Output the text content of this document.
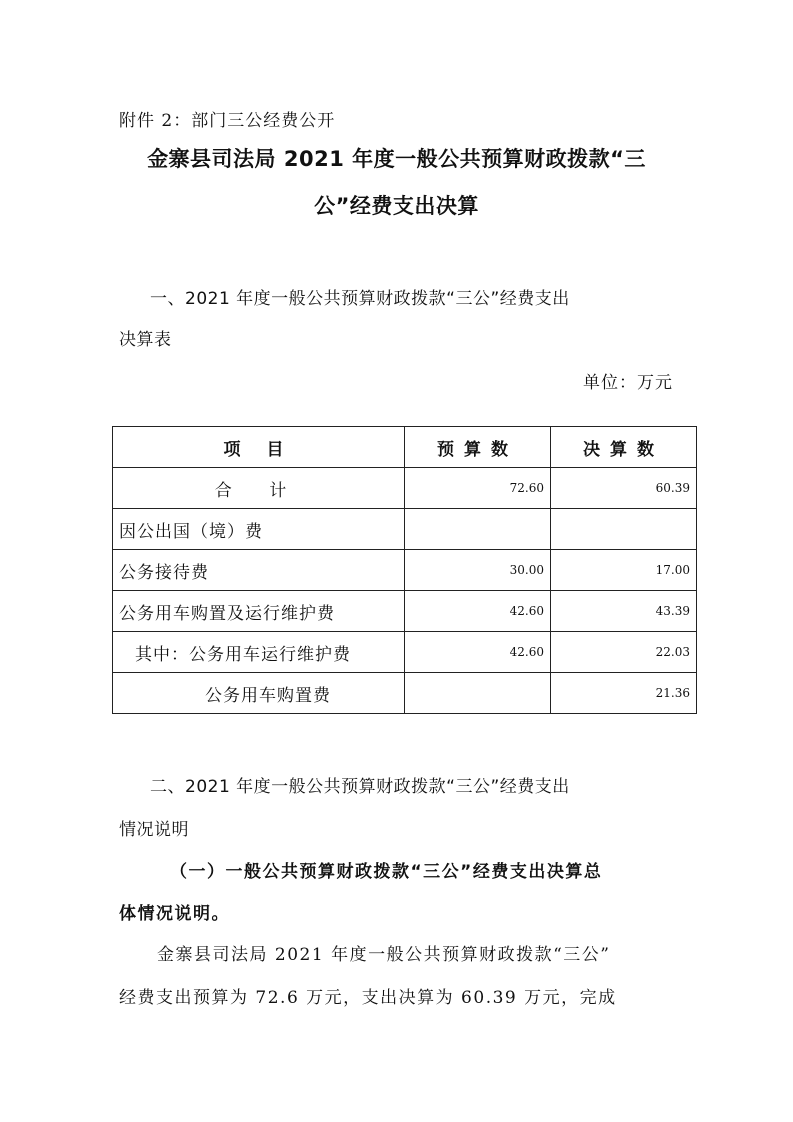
附件 2：部门三公经费公开
金寨县司法局 2021 年度一般公共预算财政拨款“三
公”经费支出决算
一、2021 年度一般公共预算财政拨款“三公”经费支出
决算表
单位：万元
项 目	预算数	决算数
合 计	72.60	60.39
因公出国（境）费		
公务接待费	30.00	17.00
公务用车购置及运行维护费	42.60	43.39
其中：公务用车运行维护费	42.60	22.03
公务用车购置费		21.36
二、2021 年度一般公共预算财政拨款“三公”经费支出
情况说明
（一）一般公共预算财政拨款“三公”经费支出决算总
体情况说明。
金寨县司法局 2021 年度一般公共预算财政拨款“三公”
经费支出预算为 72.6 万元，支出决算为 60.39 万元，完成
